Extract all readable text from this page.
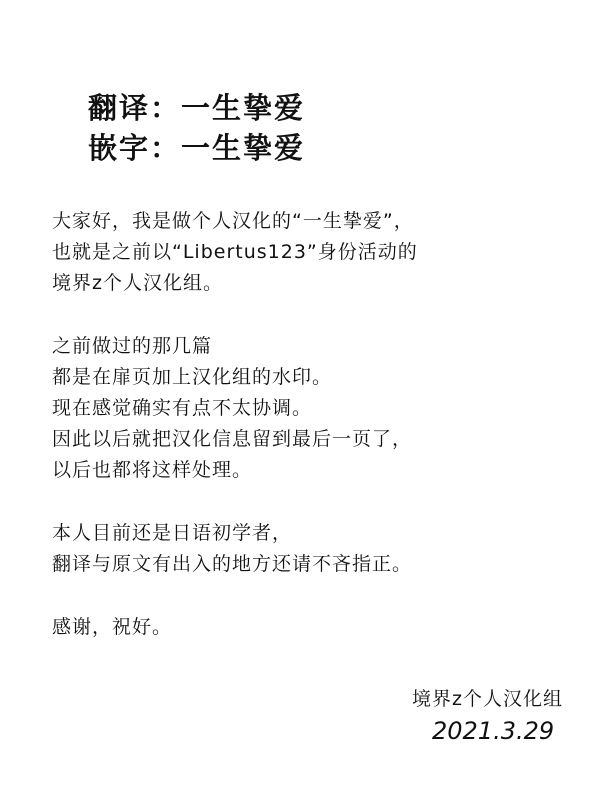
翻译：一生挚爱
嵌字：一生挚爱
大家好，我是做个人汉化的“一生挚爱”，
也就是之前以“Libertus123”身份活动的
境界z个人汉化组。
之前做过的那几篇
都是在扉页加上汉化组的水印。
现在感觉确实有点不太协调。
因此以后就把汉化信息留到最后一页了，
以后也都将这样处理。
本人目前还是日语初学者，
翻译与原文有出入的地方还请不吝指正。
感谢，祝好。
境界z个人汉化组
2021.3.29
